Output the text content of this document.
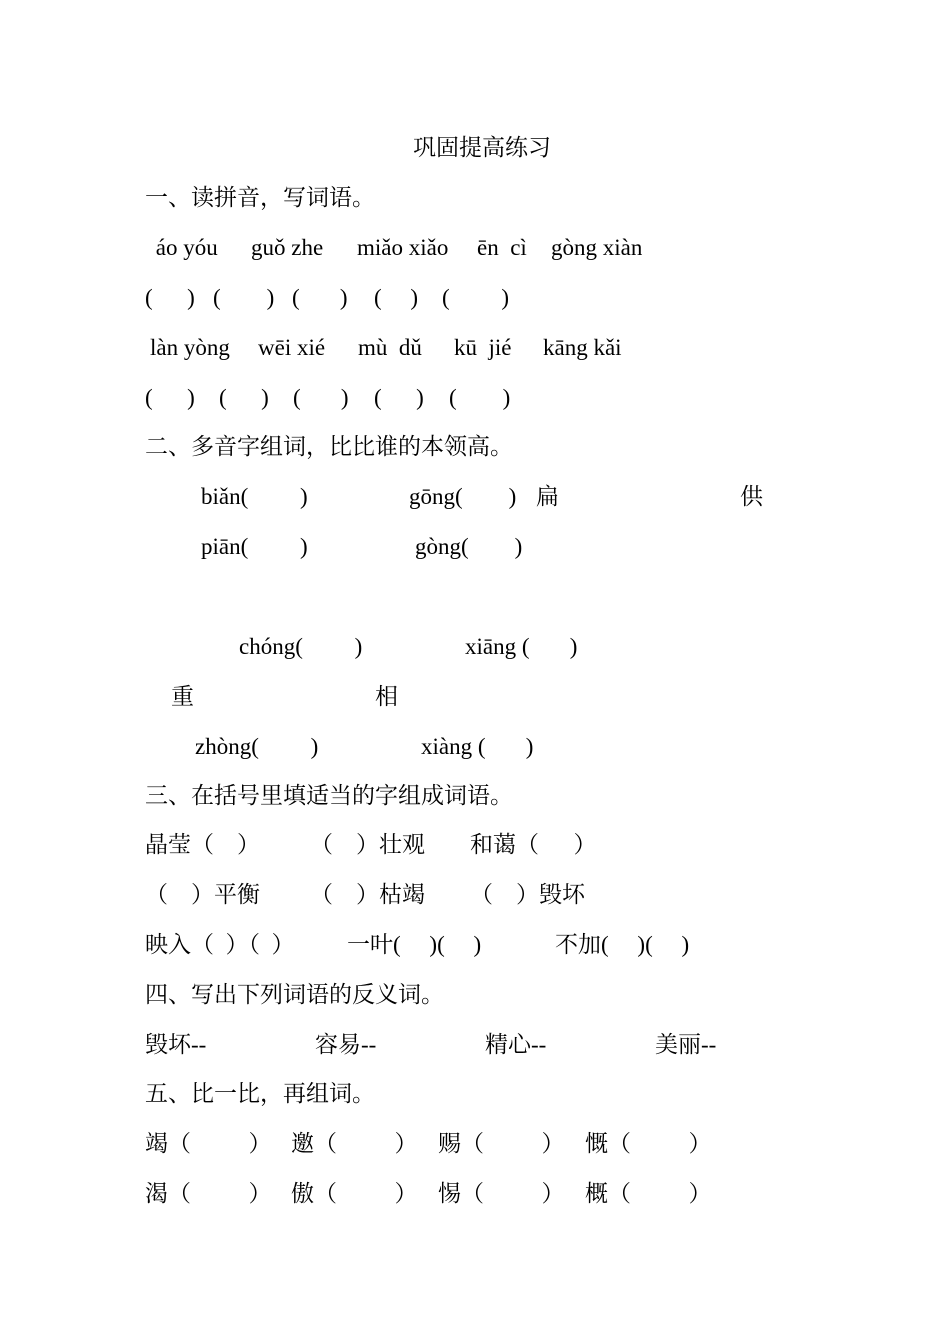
巩固提高练习
一、读拼音，写词语。
áo yóu guǒ zhe miǎo xiǎo ēn  cì gòng xiàn
(      ) (        ) (       ) (     ) (         )
làn yòng wēi xié mù  dǔ kū  jié kāng kǎi
(      ) (      ) (       ) (      ) (        )
二、多音字组词，比比谁的本领高。
biǎn(         )	gōng(        ) 扁	供
piān(         )	gòng(        )
chóng(         )	xiāng (       )
重	相
zhòng(         )	xiàng (       )
三、在括号里填适当的字组成词语。
晶莹（    ） （    ）壮观 和蔼（      ）
（    ）平衡 （    ）枯竭 （    ）毁坏
映入（  ）（  ） 一叶(     )(     )	不加(     )(     )
四、写出下列词语的反义词。
毁坏--	容易--	精心--	美丽--
五、比一比，再组词。
竭（          ） 邀（          ） 赐（          ） 慨（          ）
渴（          ） 傲（          ） 惕（          ） 概（          ）
